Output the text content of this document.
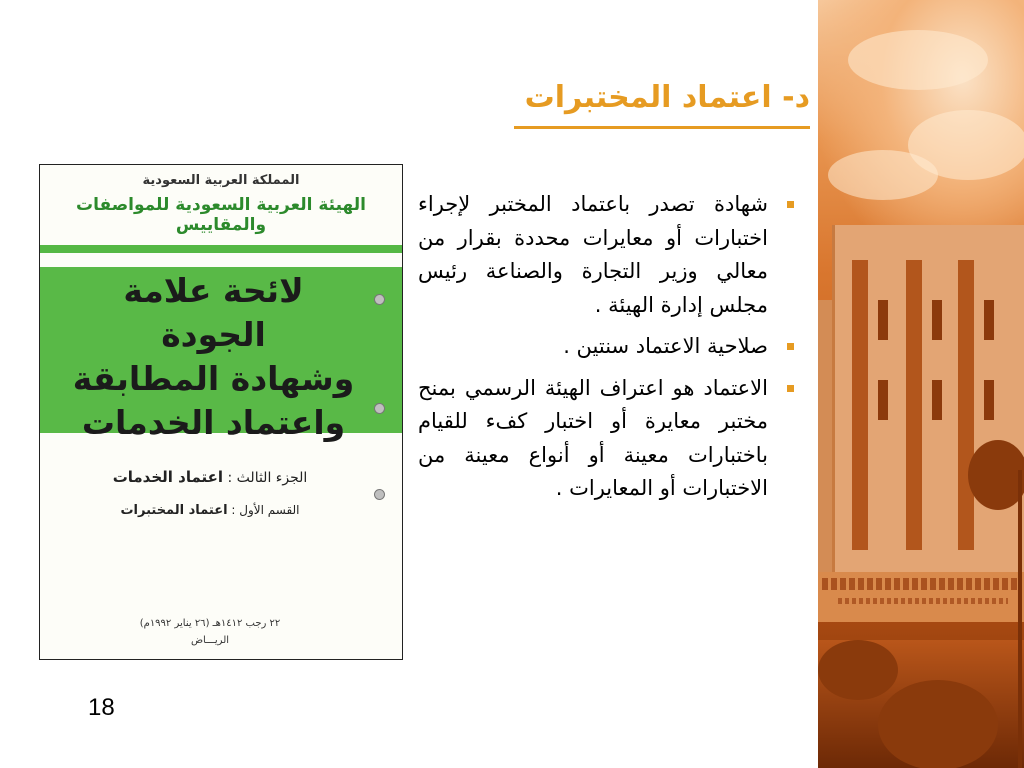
د- اعتماد المختبرات
المملكة العربية السعودية
الهيئة العربية السعودية للمواصفات والمقاييس
لائحة علامة الجودة
وشهادة المطابقة
واعتماد الخدمات
الجزء الثالث : اعتماد الخدمات
القسم الأول : اعتماد المختبرات
٢٢ رجب ١٤١٢هـ (٢٦ يناير ١٩٩٢م)
الريـــاض
شهادة تصدر باعتماد المختبر لإجراء اختبارات أو معايرات محددة بقرار من معالي وزير التجارة والصناعة رئيس مجلس إدارة الهيئة .
صلاحية الاعتماد سنتين .
الاعتماد هو اعتراف الهيئة الرسمي بمنح مختبر معايرة أو اختبار كفء للقيام باختبارات معينة أو أنواع معينة من الاختبارات أو المعايرات .
18
